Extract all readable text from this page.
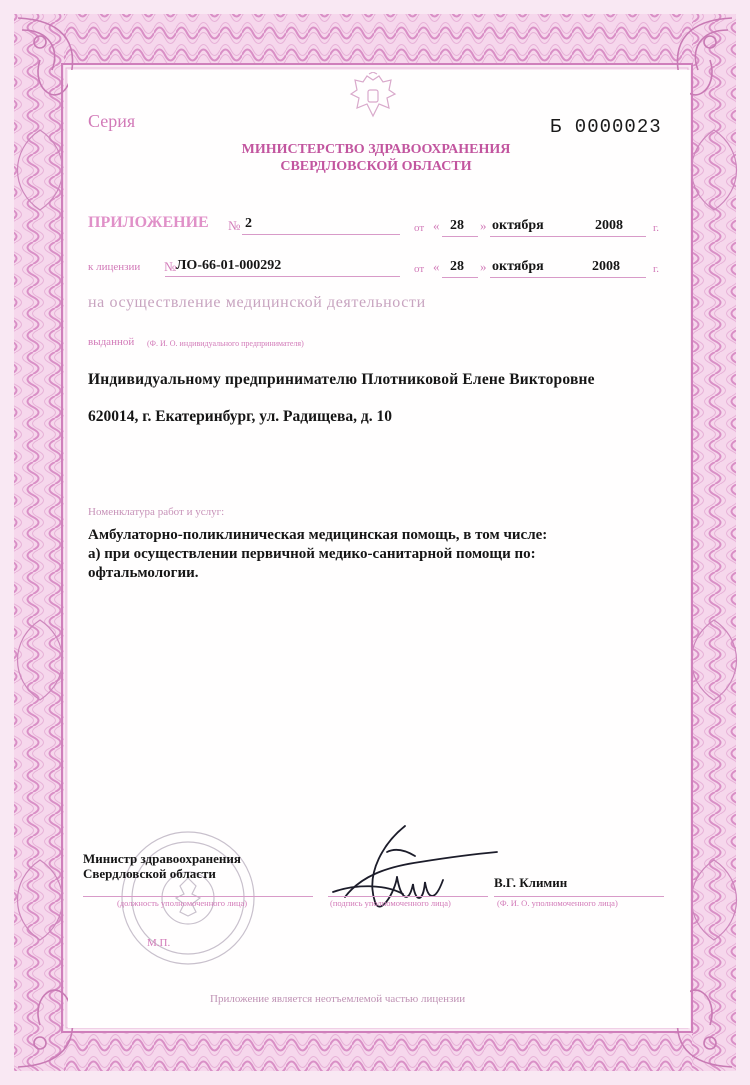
Серия	Б 0000023
МИНИСТЕРСТВО ЗДРАВООХРАНЕНИЯ
СВЕРДЛОВСКОЙ ОБЛАСТИ
ПРИЛОЖЕНИЕ № 2	от « 28 » октября	2008	г.
к лицензии № ЛО-66-01-000292	от « 28 » октября	2008	г.
на осуществление медицинской деятельности
выданной (Ф. И. О. индивидуального предпринимателя)
Индивидуальному предпринимателю Плотниковой Елене Викторовне
620014, г. Екатеринбург, ул. Радищева, д. 10
Номенклатура работ и услуг:
Амбулаторно-поликлиническая медицинская помощь, в том числе:
а) при осуществлении первичной медико-санитарной помощи по:
офтальмологии.
Министр здравоохранения
Свердловской области
(должность уполномоченного лица)	(подпись уполномоченного лица)
В.Г. Климин
(Ф. И. О. уполномоченного лица)
М.П.
Приложение является неотъемлемой частью лицензии
